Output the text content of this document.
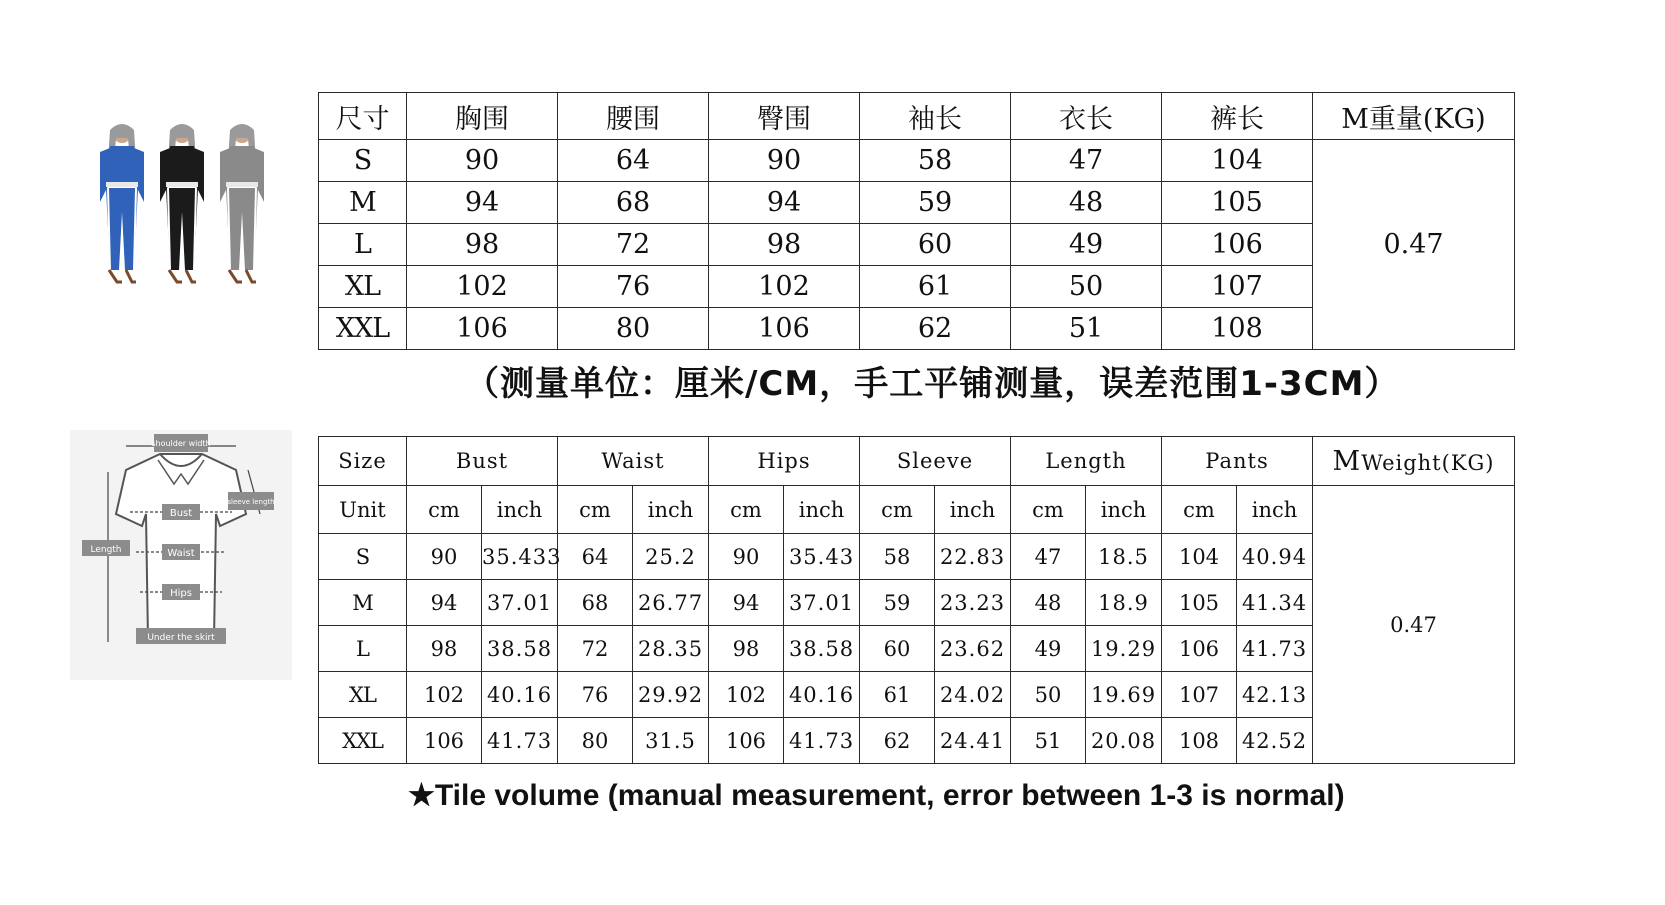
尺寸	胸围	腰围	臀围	袖长	衣长	裤长	M重量(KG)
S	90	64	90	58	47	104	0.47
M	94	68	94	59	48	105	
L	98	72	98	60	49	106	
XL	102	76	102	61	50	107	
XXL	106	80	106	62	51	108	
（测量单位：厘米/CM，手工平铺测量，误差范围1-3CM）
shoulder width
sleeve length
Bust
Waist
Hips
Length
Under the skirt
Size	Bust		Waist		Hips		Sleeve		Length		Pants		MWeight(KG)
Unit	cm	inch	cm	inch	cm	inch	cm	inch	cm	inch	cm	inch	0.47
S	90	35.433	64	25.2	90	35.43	58	22.83	47	18.5	104	40.94	
M	94	37.01	68	26.77	94	37.01	59	23.23	48	18.9	105	41.34	
L	98	38.58	72	28.35	98	38.58	60	23.62	49	19.29	106	41.73	
XL	102	40.16	76	29.92	102	40.16	61	24.02	50	19.69	107	42.13	
XXL	106	41.73	80	31.5	106	41.73	62	24.41	51	20.08	108	42.52	
★Tile volume (manual measurement, error between 1-3 is normal)
